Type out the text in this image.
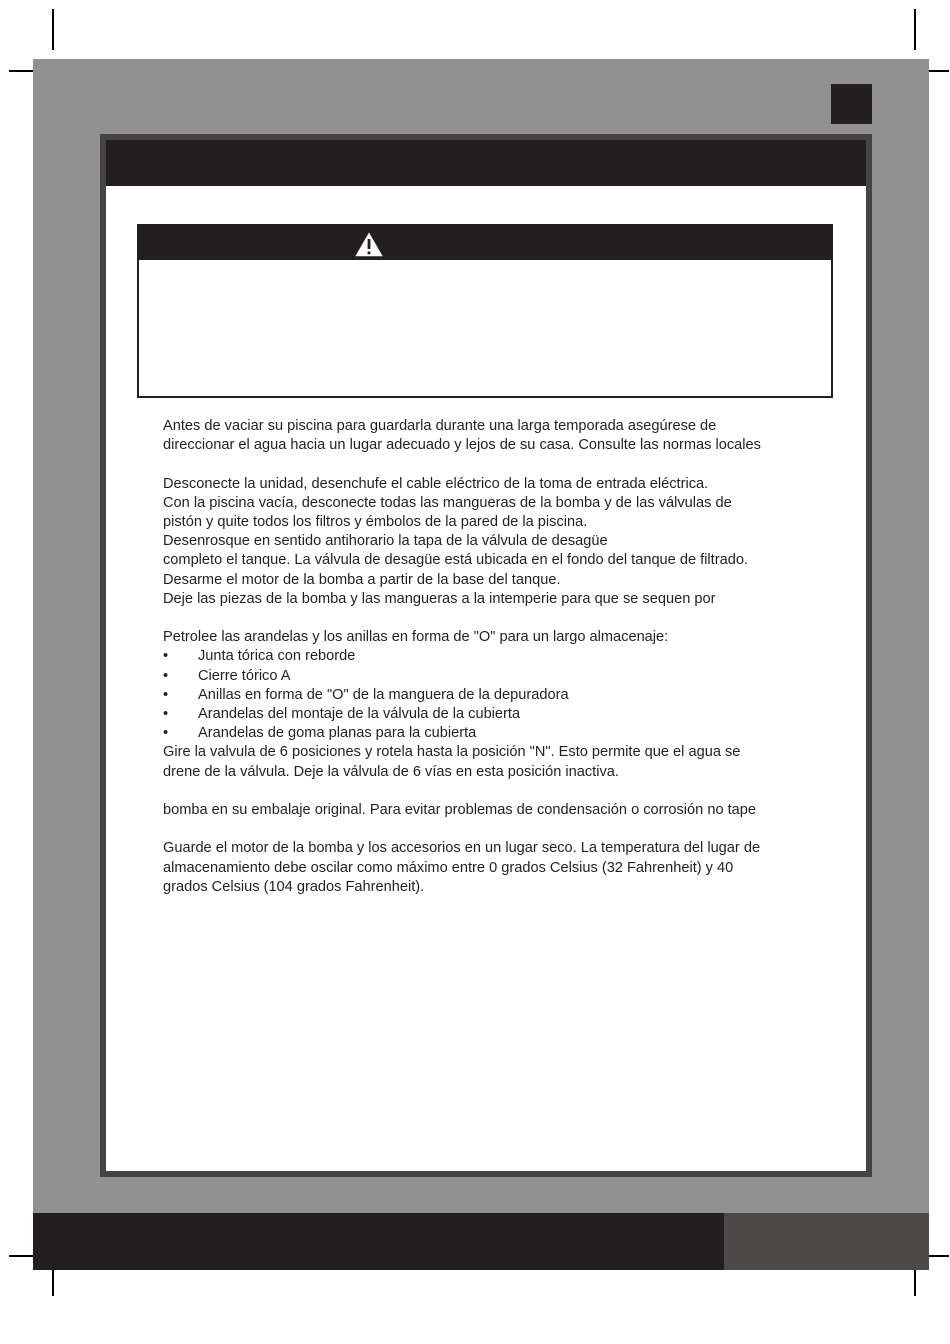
Antes de vaciar su piscina para guardarla durante una larga temporada asegúrese de

direccionar el agua hacia un lugar adecuado y lejos de su casa. Consulte las normas locales

Desconecte la unidad, desenchufe el cable eléctrico de la toma de entrada eléctrica.

Con la piscina vacía, desconecte todas las mangueras de la bomba y de las válvulas de

pistón y quite todos los filtros y émbolos de la pared de la piscina.

Desenrosque en sentido antihorario la tapa de la válvula de desagüe

completo el tanque. La válvula de desagüe está ubicada en el fondo del tanque de filtrado.

Desarme el motor de la bomba a partir de la base del tanque.

Deje las piezas de la bomba y las mangueras a la intemperie para que se sequen por

Petrolee las arandelas y los anillas en forma de "O" para un largo almacenaje:

•	Junta tórica con reborde
•	Cierre tórico A
•	Anillas en forma de "O" de la manguera de la depuradora
•	Arandelas del montaje de la válvula de la cubierta
•	Arandelas de goma planas para la cubierta

Gire la valvula de 6 posiciones y rotela hasta la posición "N". Esto permite que el agua se

drene de la válvula. Deje la válvula de 6 vías en esta posición inactiva.

bomba en su embalaje original. Para evitar problemas de condensación o corrosión no tape

Guarde el motor de la bomba y los accesorios en un lugar seco. La temperatura del lugar de

almacenamiento debe oscilar como máximo entre 0 grados Celsius (32 Fahrenheit) y 40

grados Celsius (104 grados Fahrenheit).
